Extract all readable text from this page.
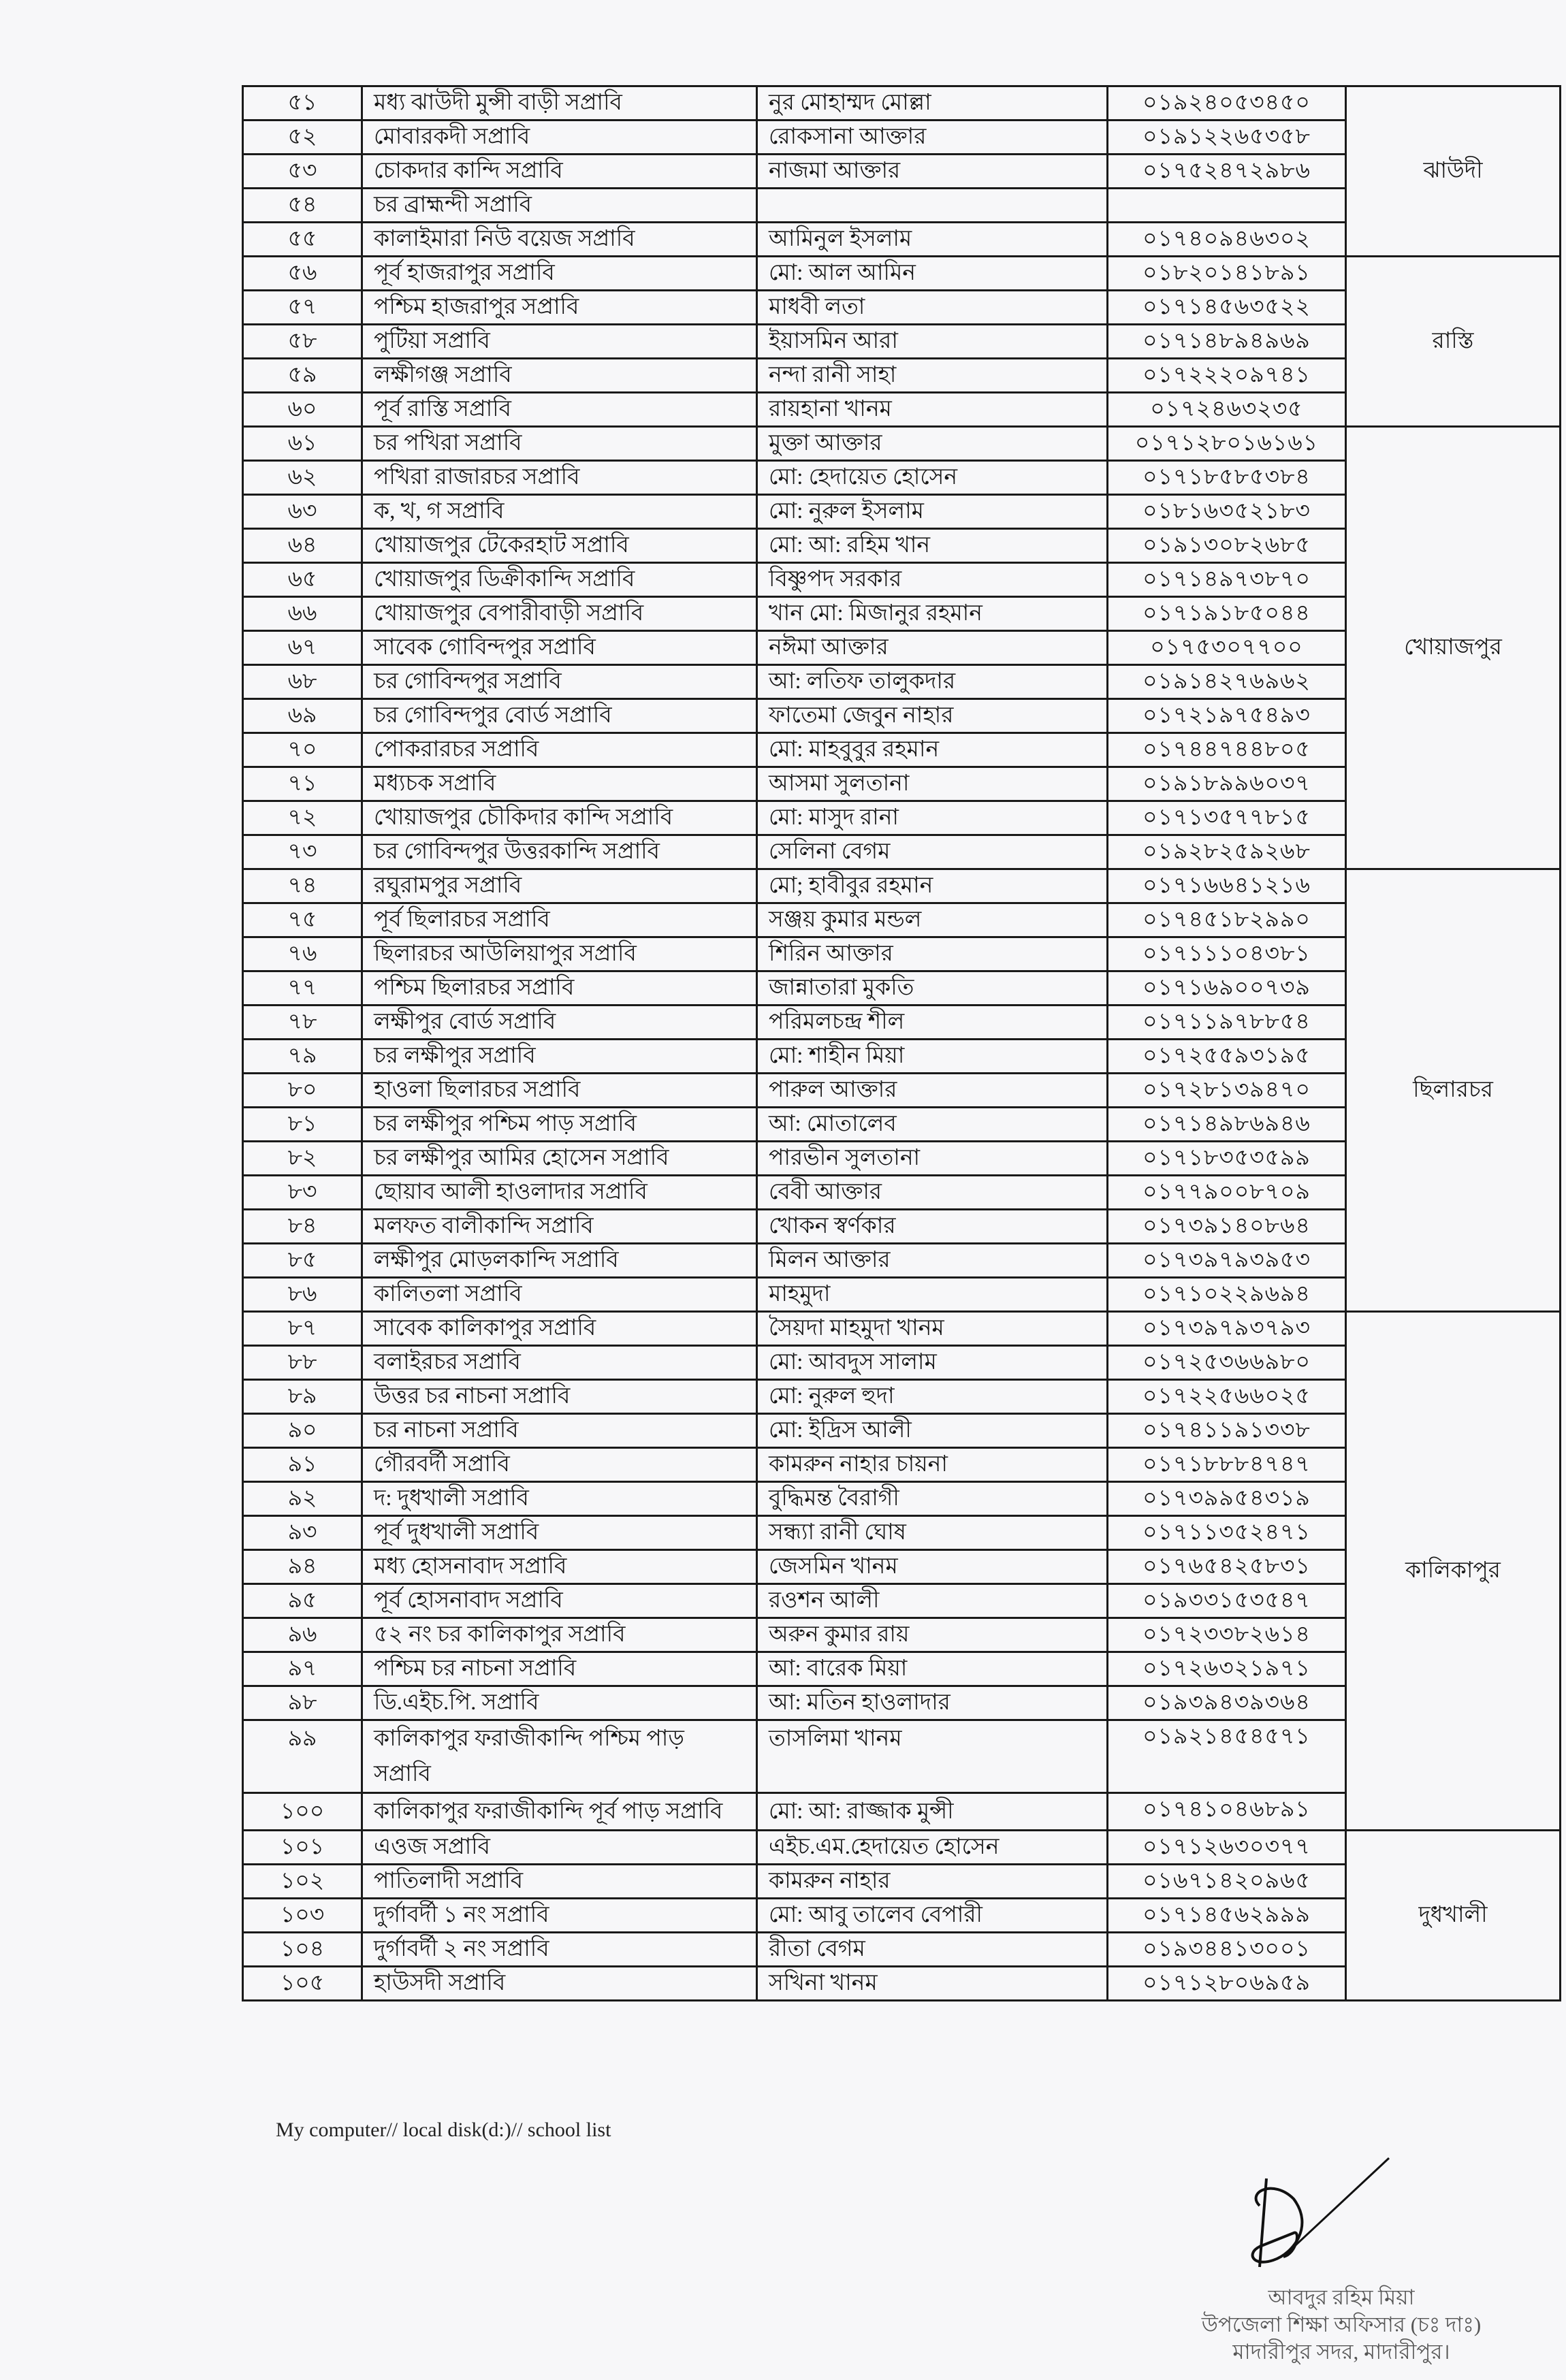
৫১	মধ্য ঝাউদী মুন্সী বাড়ী সপ্রাবি	নুর মোহাম্মদ মোল্লা	০১৯২৪০৫৩৪৫০	ঝাউদী
৫২	মোবারকদী সপ্রাবি	রোকসানা আক্তার	০১৯১২২৬৫৩৫৮	
৫৩	চোকদার কান্দি সপ্রাবি	নাজমা আক্তার	০১৭৫২৪৭২৯৮৬	
৫৪	চর ব্রাহ্মন্দী সপ্রাবি			
৫৫	কালাইমারা নিউ বয়েজ সপ্রাবি	আমিনুল ইসলাম	০১৭৪০৯৪৬৩০২	
৫৬	পূর্ব হাজরাপুর সপ্রাবি	মো: আল আমিন	০১৮২০১৪১৮৯১	রাস্তি
৫৭	পশ্চিম হাজরাপুর সপ্রাবি	মাধবী লতা	০১৭১৪৫৬৩৫২২	
৫৮	পুটিয়া সপ্রাবি	ইয়াসমিন আরা	০১৭১৪৮৯৪৯৬৯	
৫৯	লক্ষীগঞ্জ সপ্রাবি	নন্দা রানী সাহা	০১৭২২২০৯৭৪১	
৬০	পূর্ব রাস্তি সপ্রাবি	রায়হানা খানম	০১৭২৪৬৩২৩৫	
৬১	চর পখিরা সপ্রাবি	মুক্তা আক্তার	০১৭১২৮০১৬১৬১	খোয়াজপুর
৬২	পখিরা রাজারচর সপ্রাবি	মো: হেদায়েত হোসেন	০১৭১৮৫৮৫৩৮৪	
৬৩	ক, খ, গ সপ্রাবি	মো: নুরুল ইসলাম	০১৮১৬৩৫২১৮৩	
৬৪	খোয়াজপুর টেকেরহাট সপ্রাবি	মো: আ: রহিম খান	০১৯১৩০৮২৬৮৫	
৬৫	খোয়াজপুর ডিক্রীকান্দি সপ্রাবি	বিষ্ণুপদ সরকার	০১৭১৪৯৭৩৮৭০	
৬৬	খোয়াজপুর বেপারীবাড়ী সপ্রাবি	খান মো: মিজানুর রহমান	০১৭১৯১৮৫০৪৪	
৬৭	সাবেক গোবিন্দপুর সপ্রাবি	নঈমা আক্তার	০১৭৫৩০৭৭০০	
৬৮	চর গোবিন্দপুর সপ্রাবি	আ: লতিফ তালুকদার	০১৯১৪২৭৬৯৬২	
৬৯	চর গোবিন্দপুর বোর্ড সপ্রাবি	ফাতেমা জেবুন নাহার	০১৭২১৯৭৫৪৯৩	
৭০	পোকরারচর সপ্রাবি	মো: মাহবুবুর রহমান	০১৭৪৪৭৪৪৮০৫	
৭১	মধ্যচক সপ্রাবি	আসমা সুলতানা	০১৯১৮৯৯৬০৩৭	
৭২	খোয়াজপুর চৌকিদার কান্দি সপ্রাবি	মো: মাসুদ রানা	০১৭১৩৫৭৭৮১৫	
৭৩	চর গোবিন্দপুর উত্তরকান্দি সপ্রাবি	সেলিনা বেগম	০১৯২৮২৫৯২৬৮	
৭৪	রঘুরামপুর সপ্রাবি	মো; হাবীবুর রহমান	০১৭১৬৬৪১২১৬	ছিলারচর
৭৫	পূর্ব ছিলারচর সপ্রাবি	সঞ্জয় কুমার মন্ডল	০১৭৪৫১৮২৯৯০	
৭৬	ছিলারচর আউলিয়াপুর সপ্রাবি	শিরিন আক্তার	০১৭১১১০৪৩৮১	
৭৭	পশ্চিম ছিলারচর সপ্রাবি	জান্নাতারা মুকতি	০১৭১৬৯০০৭৩৯	
৭৮	লক্ষীপুর বোর্ড সপ্রাবি	পরিমলচন্দ্র শীল	০১৭১১৯৭৮৮৫৪	
৭৯	চর লক্ষীপুর সপ্রাবি	মো: শাহীন মিয়া	০১৭২৫৫৯৩১৯৫	
৮০	হাওলা ছিলারচর সপ্রাবি	পারুল আক্তার	০১৭২৮১৩৯৪৭০	
৮১	চর লক্ষীপুর পশ্চিম পাড় সপ্রাবি	আ: মোতালেব	০১৭১৪৯৮৬৯৪৬	
৮২	চর লক্ষীপুর আমির হোসেন সপ্রাবি	পারভীন সুলতানা	০১৭১৮৩৫৩৫৯৯	
৮৩	ছোয়াব আলী হাওলাদার সপ্রাবি	বেবী আক্তার	০১৭৭৯০০৮৭০৯	
৮৪	মলফত বালীকান্দি সপ্রাবি	খোকন স্বর্ণকার	০১৭৩৯১৪০৮৬৪	
৮৫	লক্ষীপুর মোড়লকান্দি সপ্রাবি	মিলন আক্তার	০১৭৩৯৭৯৩৯৫৩	
৮৬	কালিতলা সপ্রাবি	মাহমুদা	০১৭১০২২৯৬৯৪	
৮৭	সাবেক কালিকাপুর সপ্রাবি	সৈয়দা মাহমুদা খানম	০১৭৩৯৭৯৩৭৯৩	কালিকাপুর
৮৮	বলাইরচর সপ্রাবি	মো: আবদুস সালাম	০১৭২৫৩৬৬৯৮০	
৮৯	উত্তর চর নাচনা সপ্রাবি	মো: নুরুল হুদা	০১৭২২৫৬৬০২৫	
৯০	চর নাচনা সপ্রাবি	মো: ইদ্রিস আলী	০১৭৪১১৯১৩৩৮	
৯১	গৌরবর্দী সপ্রাবি	কামরুন নাহার চায়না	০১৭১৮৮৮৪৭৪৭	
৯২	দ: দুধখালী সপ্রাবি	বুদ্ধিমন্ত বৈরাগী	০১৭৩৯৯৫৪৩১৯	
৯৩	পূর্ব দুধখালী সপ্রাবি	সন্ধ্যা রানী ঘোষ	০১৭১১৩৫২৪৭১	
৯৪	মধ্য হোসনাবাদ সপ্রাবি	জেসমিন খানম	০১৭৬৫৪২৫৮৩১	
৯৫	পূর্ব হোসনাবাদ সপ্রাবি	রওশন আলী	০১৯৩৩১৫৩৫৪৭	
৯৬	৫২ নং চর কালিকাপুর সপ্রাবি	অরুন কুমার রায়	০১৭২৩৩৮২৬১৪	
৯৭	পশ্চিম চর নাচনা সপ্রাবি	আ: বারেক মিয়া	০১৭২৬৩২১৯৭১	
৯৮	ডি.এইচ.পি. সপ্রাবি	আ: মতিন হাওলাদার	০১৯৩৯৪৩৯৩৬৪	
৯৯	কালিকাপুর ফরাজীকান্দি পশ্চিম পাড় সপ্রাবি	তাসলিমা খানম	০১৯২১৪৫৪৫৭১	
১০০	কালিকাপুর ফরাজীকান্দি পূর্ব পাড় সপ্রাবি	মো: আ: রাজ্জাক মুন্সী	০১৭৪১০৪৬৮৯১	
১০১	এওজ সপ্রাবি	এইচ.এম.হেদায়েত হোসেন	০১৭১২৬৩০৩৭৭	দুধখালী
১০২	পাতিলাদী সপ্রাবি	কামরুন নাহার	০১৬৭১৪২০৯৬৫	
১০৩	দুর্গাবর্দী ১ নং সপ্রাবি	মো: আবু তালেব বেপারী	০১৭১৪৫৬২৯৯৯	
১০৪	দুর্গাবর্দী ২ নং সপ্রাবি	রীতা বেগম	০১৯৩৪৪১৩০০১	
১০৫	হাউসদী সপ্রাবি	সখিনা খানম	০১৭১২৮০৬৯৫৯	
My computer// local disk(d:)// school list
আবদুর রহিম মিয়া
উপজেলা শিক্ষা অফিসার (চঃ দাঃ)
মাদারীপুর সদর, মাদারীপুর।
